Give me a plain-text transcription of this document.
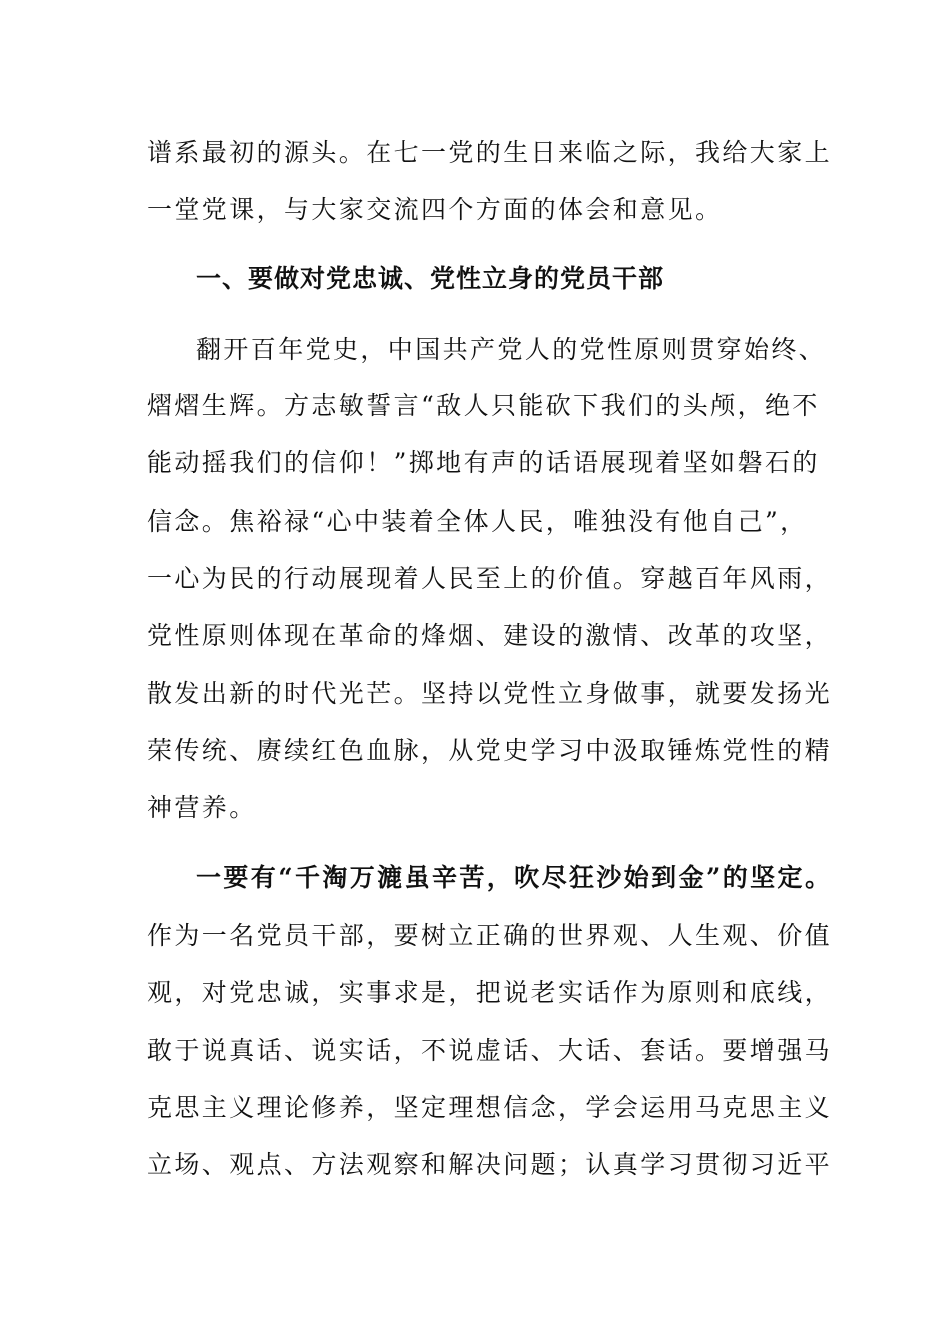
谱系最初的源头。在七一党的生日来临之际，我给大家上
一堂党课，与大家交流四个方面的体会和意见。
一、要做对党忠诚、党性立身的党员干部
翻开百年党史，中国共产党人的党性原则贯穿始终、
熠熠生辉。方志敏誓言“敌人只能砍下我们的头颅，绝不
能动摇我们的信仰！”掷地有声的话语展现着坚如磐石的
信念。焦裕禄“心中装着全体人民，唯独没有他自己”，
一心为民的行动展现着人民至上的价值。穿越百年风雨，
党性原则体现在革命的烽烟、建设的激情、改革的攻坚，
散发出新的时代光芒。坚持以党性立身做事，就要发扬光
荣传统、赓续红色血脉，从党史学习中汲取锤炼党性的精
神营养。
一要有“千淘万漉虽辛苦，吹尽狂沙始到金”的坚定。
作为一名党员干部，要树立正确的世界观、人生观、价值
观，对党忠诚，实事求是，把说老实话作为原则和底线，
敢于说真话、说实话，不说虚话、大话、套话。要增强马
克思主义理论修养，坚定理想信念，学会运用马克思主义
立场、观点、方法观察和解决问题；认真学习贯彻习近平
